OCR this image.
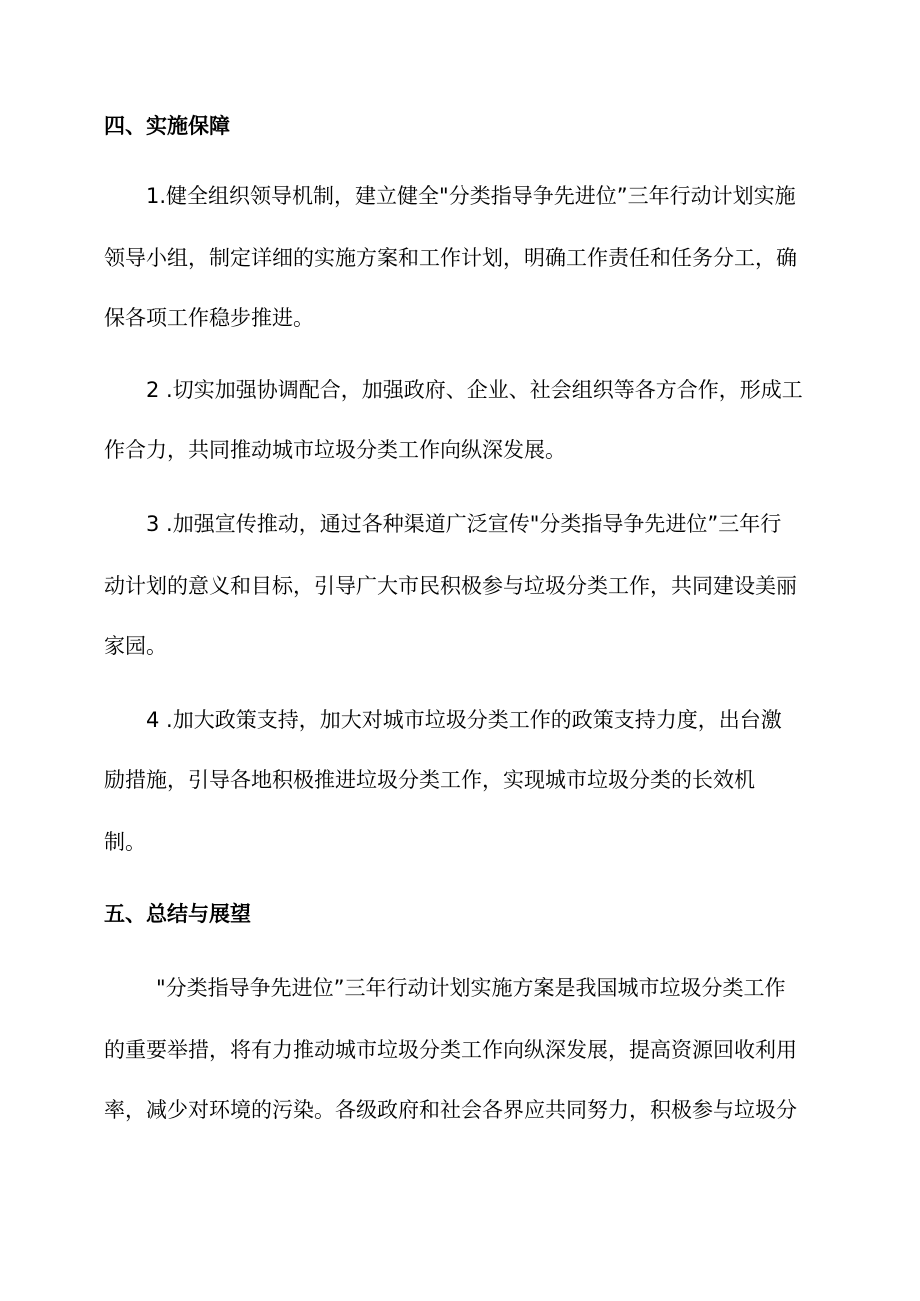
四、实施保障
1.健全组织领导机制，建立健全"分类指导争先进位”三年行动计划实施
领导小组，制定详细的实施方案和工作计划，明确工作责任和任务分工，确
保各项工作稳步推进。
2 .切实加强协调配合，加强政府、企业、社会组织等各方合作，形成工
作合力，共同推动城市垃圾分类工作向纵深发展。
3 .加强宣传推动，通过各种渠道广泛宣传"分类指导争先进位”三年行
动计划的意义和目标，引导广大市民积极参与垃圾分类工作，共同建设美丽
家园。
4 .加大政策支持，加大对城市垃圾分类工作的政策支持力度，出台激
励措施，引导各地积极推进垃圾分类工作，实现城市垃圾分类的长效机
制。
五、总结与展望
"分类指导争先进位”三年行动计划实施方案是我国城市垃圾分类工作
的重要举措，将有力推动城市垃圾分类工作向纵深发展，提高资源回收利用
率，减少对环境的污染。各级政府和社会各界应共同努力，积极参与垃圾分
